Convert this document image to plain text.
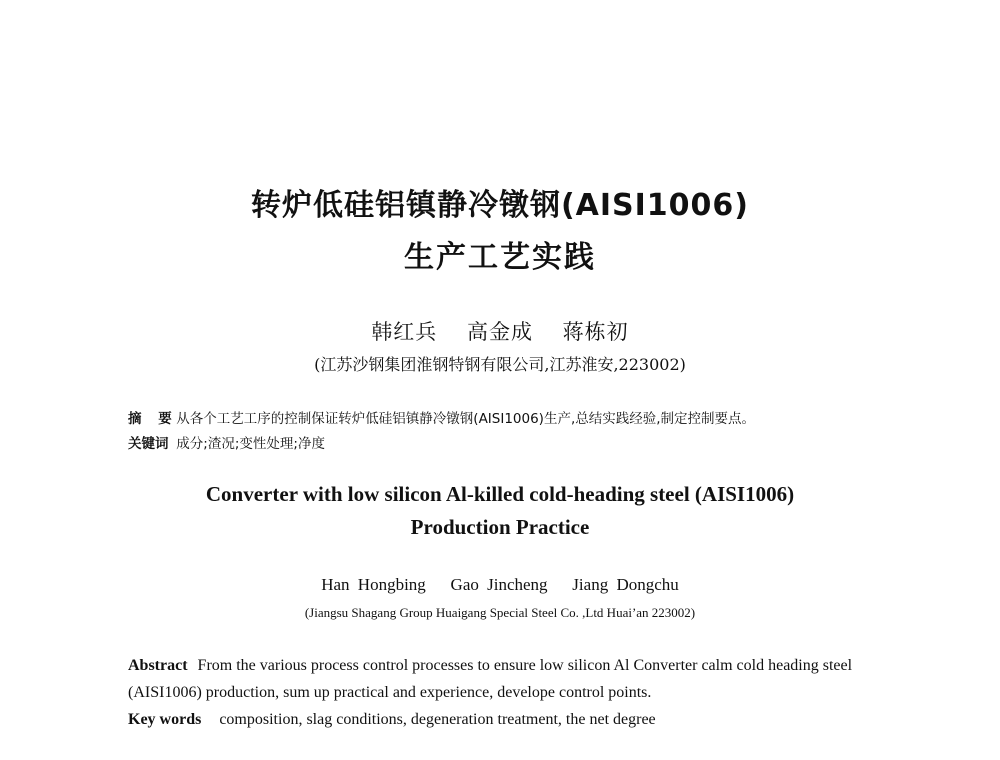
转炉低硅铝镇静冷镦钢(AISI1006)
生产工艺实践
韩红兵 高金成 蒋栋初
(江苏沙钢集团淮钢特钢有限公司,江苏淮安,223002)
摘 要 从各个工艺工序的控制保证转炉低硅铝镇静冷镦钢(AISI1006)生产,总结实践经验,制定控制要点。
关键词 成分;渣况;变性处理;净度
Converter with low silicon Al-killed cold-heading steel (AISI1006)
Production Practice
Han Hongbing   Gao Jincheng   Jiang Dongchu
(Jiangsu Shagang Group Huaigang Special Steel Co. ,Ltd Huai’an 223002)
Abstract From the various process control processes to ensure low silicon Al Converter calm cold heading steel (AISI1006) production, sum up practical and experience, develope control points.
Key words composition, slag conditions, degeneration treatment, the net degree
